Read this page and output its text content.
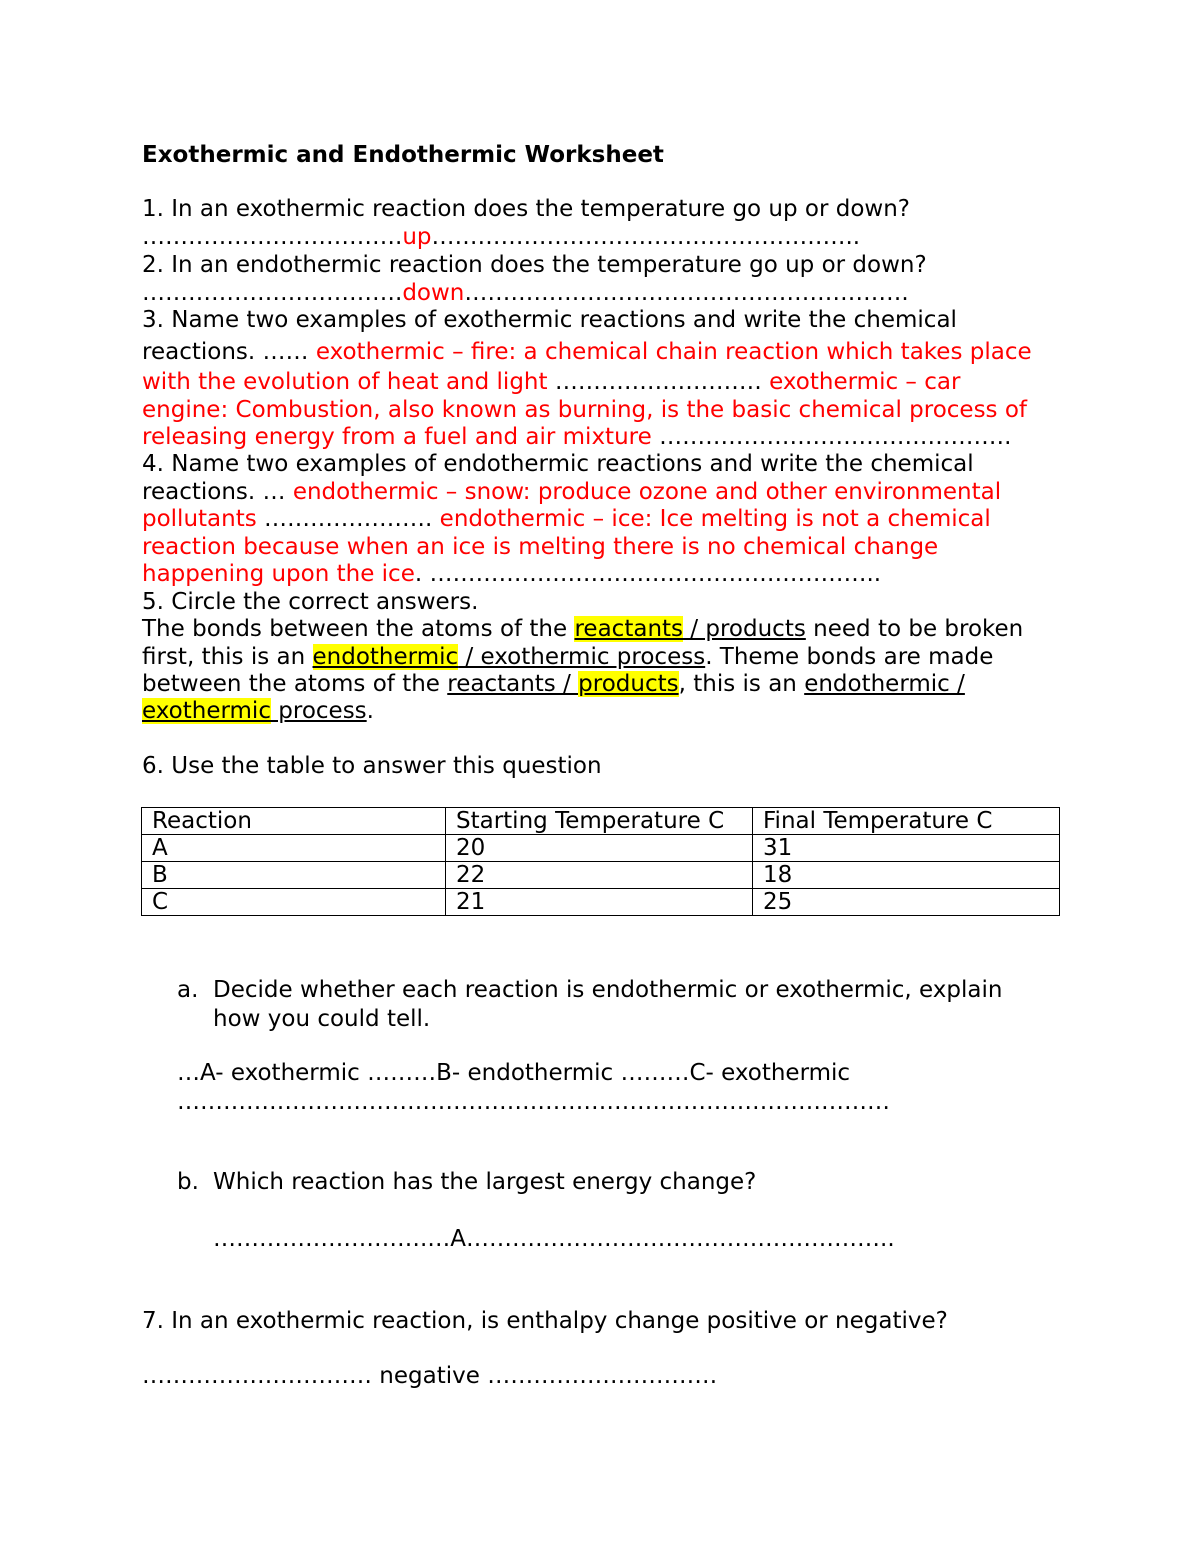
Exothermic and Endothermic Worksheet
1. In an exothermic reaction does the temperature go up or down?
…………………………….up………………………………………………..
2. In an endothermic reaction does the temperature go up or down?
…………………………….down………………………………………………….
3. Name two examples of exothermic reactions and write the chemical
reactions. …… exothermic – fire: a chemical chain reaction which takes place
with the evolution of heat and light ……………………… exothermic – car
engine: Combustion, also known as burning, is the basic chemical process of
releasing energy from a fuel and air mixture ……………………………………….
4. Name two examples of endothermic reactions and write the chemical
reactions. … endothermic – snow: produce ozone and other environmental
pollutants …………………. endothermic – ice: Ice melting is not a chemical
reaction because when an ice is melting there is no chemical change
happening upon the ice. …………………………………………………..
5. Circle the correct answers.
The bonds between the atoms of the reactants / products need to be broken
first, this is an endothermic / exothermic process. Theme bonds are made
between the atoms of the reactants / products, this is an endothermic /
exothermic process.
6. Use the table to answer this question
Reaction	Starting Temperature C	Final Temperature C
A	20	31
B	22	18
C	21	25
a. Decide whether each reaction is endothermic or exothermic, explain
how you could tell.
…A- exothermic ………B- endothermic ………C- exothermic
…………………………………………………………………………………
b. Which reaction has the largest energy change?
……………………….…A………………………………………………..
7. In an exothermic reaction, is enthalpy change positive or negative?
………………………… negative …………………………
